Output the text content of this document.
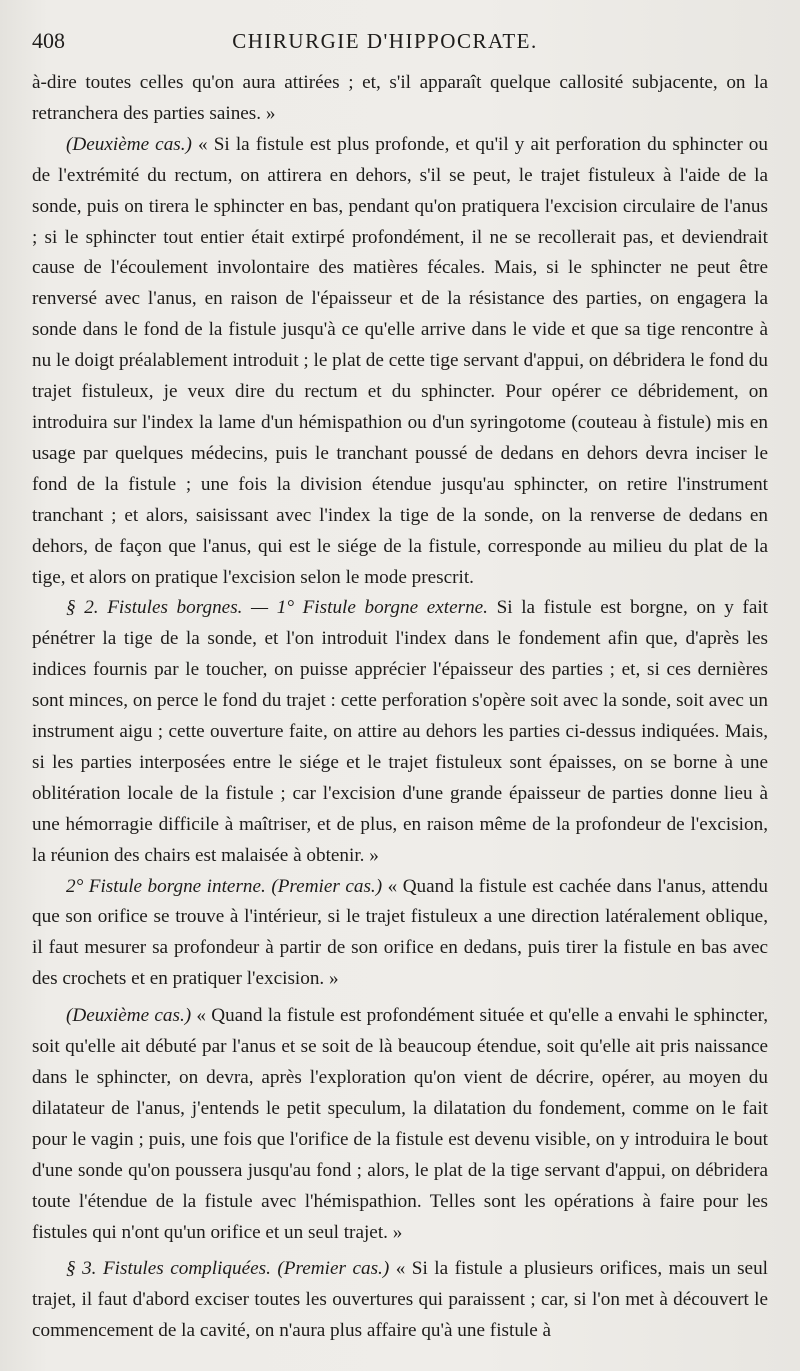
408	CHIRURGIE D'HIPPOCRATE.

à-dire toutes celles qu'on aura attirées ; et, s'il apparaît quelque callosité subjacente, on la retranchera des parties saines. »

(Deuxième cas.) « Si la fistule est plus profonde, et qu'il y ait perforation du sphincter ou de l'extrémité du rectum, on attirera en dehors, s'il se peut, le trajet fistuleux à l'aide de la sonde, puis on tirera le sphincter en bas, pendant qu'on pratiquera l'excision circulaire de l'anus ; si le sphincter tout entier était extirpé profondément, il ne se recollerait pas, et deviendrait cause de l'écoulement involontaire des matières fécales. Mais, si le sphincter ne peut être renversé avec l'anus, en raison de l'épaisseur et de la résistance des parties, on engagera la sonde dans le fond de la fistule jusqu'à ce qu'elle arrive dans le vide et que sa tige rencontre à nu le doigt préalablement introduit ; le plat de cette tige servant d'appui, on débridera le fond du trajet fistuleux, je veux dire du rectum et du sphincter. Pour opérer ce débridement, on introduira sur l'index la lame d'un hémispathion ou d'un syringotome (couteau à fistule) mis en usage par quelques médecins, puis le tranchant poussé de dedans en dehors devra inciser le fond de la fistule ; une fois la division étendue jusqu'au sphincter, on retire l'instrument tranchant ; et alors, saisissant avec l'index la tige de la sonde, on la renverse de dedans en dehors, de façon que l'anus, qui est le siége de la fistule, corresponde au milieu du plat de la tige, et alors on pratique l'excision selon le mode prescrit.

§ 2. Fistules borgnes. — 1° Fistule borgne externe. Si la fistule est borgne, on y fait pénétrer la tige de la sonde, et l'on introduit l'index dans le fondement afin que, d'après les indices fournis par le toucher, on puisse apprécier l'épaisseur des parties ; et, si ces dernières sont minces, on perce le fond du trajet : cette perforation s'opère soit avec la sonde, soit avec un instrument aigu ; cette ouverture faite, on attire au dehors les parties ci-dessus indiquées. Mais, si les parties interposées entre le siége et le trajet fistuleux sont épaisses, on se borne à une oblitération locale de la fistule ; car l'excision d'une grande épaisseur de parties donne lieu à une hémorragie difficile à maîtriser, et de plus, en raison même de la profondeur de l'excision, la réunion des chairs est malaisée à obtenir. »

2° Fistule borgne interne. (Premier cas.) « Quand la fistule est cachée dans l'anus, attendu que son orifice se trouve à l'intérieur, si le trajet fistuleux a une direction latéralement oblique, il faut mesurer sa profondeur à partir de son orifice en dedans, puis tirer la fistule en bas avec des crochets et en pratiquer l'excision. »

(Deuxième cas.) « Quand la fistule est profondément située et qu'elle a envahi le sphincter, soit qu'elle ait débuté par l'anus et se soit de là beaucoup étendue, soit qu'elle ait pris naissance dans le sphincter, on devra, après l'exploration qu'on vient de décrire, opérer, au moyen du dilatateur de l'anus, j'entends le petit speculum, la dilatation du fondement, comme on le fait pour le vagin ; puis, une fois que l'orifice de la fistule est devenu visible, on y introduira le bout d'une sonde qu'on poussera jusqu'au fond ; alors, le plat de la tige servant d'appui, on débridera toute l'étendue de la fistule avec l'hémispathion. Telles sont les opérations à faire pour les fistules qui n'ont qu'un orifice et un seul trajet. »

§ 3. Fistules compliquées. (Premier cas.) « Si la fistule a plusieurs orifices, mais un seul trajet, il faut d'abord exciser toutes les ouvertures qui paraissent ; car, si l'on met à découvert le commencement de la cavité, on n'aura plus affaire qu'à une fistule à
